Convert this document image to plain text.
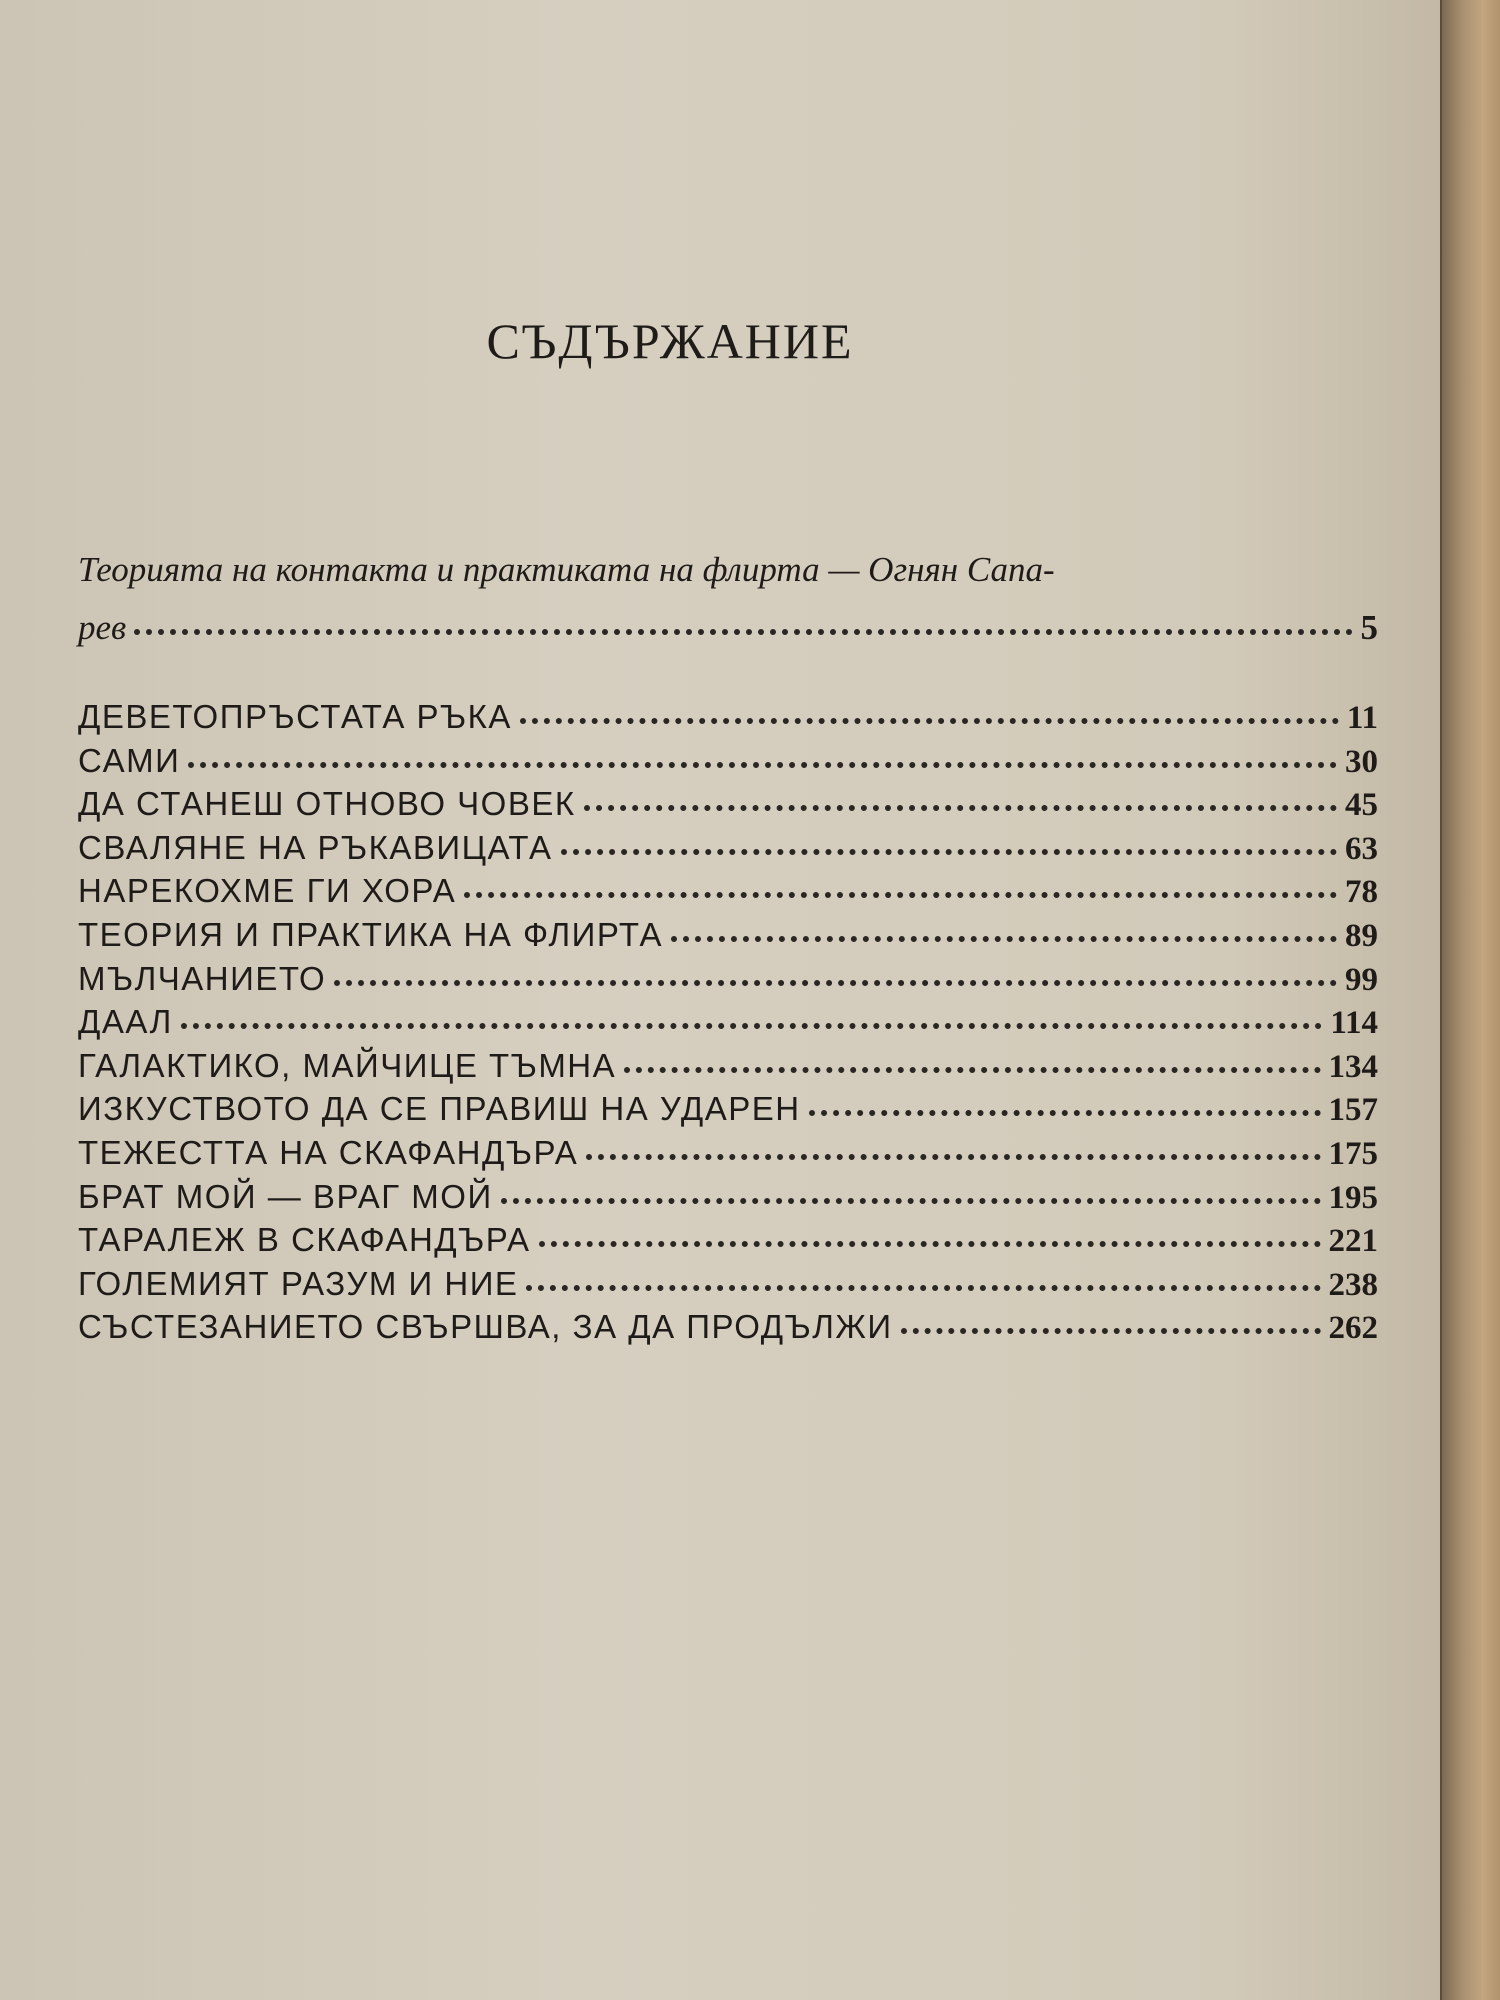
СЪДЪРЖАНИЕ
Теорията на контакта и практиката на флирта — Огнян Сапа-
рев	5
ДЕВЕТОПРЪСТАТА РЪКА	11
САМИ	30
ДА СТАНЕШ ОТНОВО ЧОВЕК	45
СВАЛЯНЕ НА РЪКАВИЦАТА	63
НАРЕКОХМЕ ГИ ХОРА	78
ТЕОРИЯ И ПРАКТИКА НА ФЛИРТА	89
МЪЛЧАНИЕТО	99
ДААЛ	114
ГАЛАКТИКО, МАЙЧИЦЕ ТЪМНА	134
ИЗКУСТВОТО ДА СЕ ПРАВИШ НА УДАРЕН	157
ТЕЖЕСТТА НА СКАФАНДЪРА	175
БРАТ МОЙ — ВРАГ МОЙ	195
ТАРАЛЕЖ В СКАФАНДЪРА	221
ГОЛЕМИЯТ РАЗУМ И НИЕ	238
СЪСТЕЗАНИЕТО СВЪРШВА, ЗА ДА ПРОДЪЛЖИ	262
